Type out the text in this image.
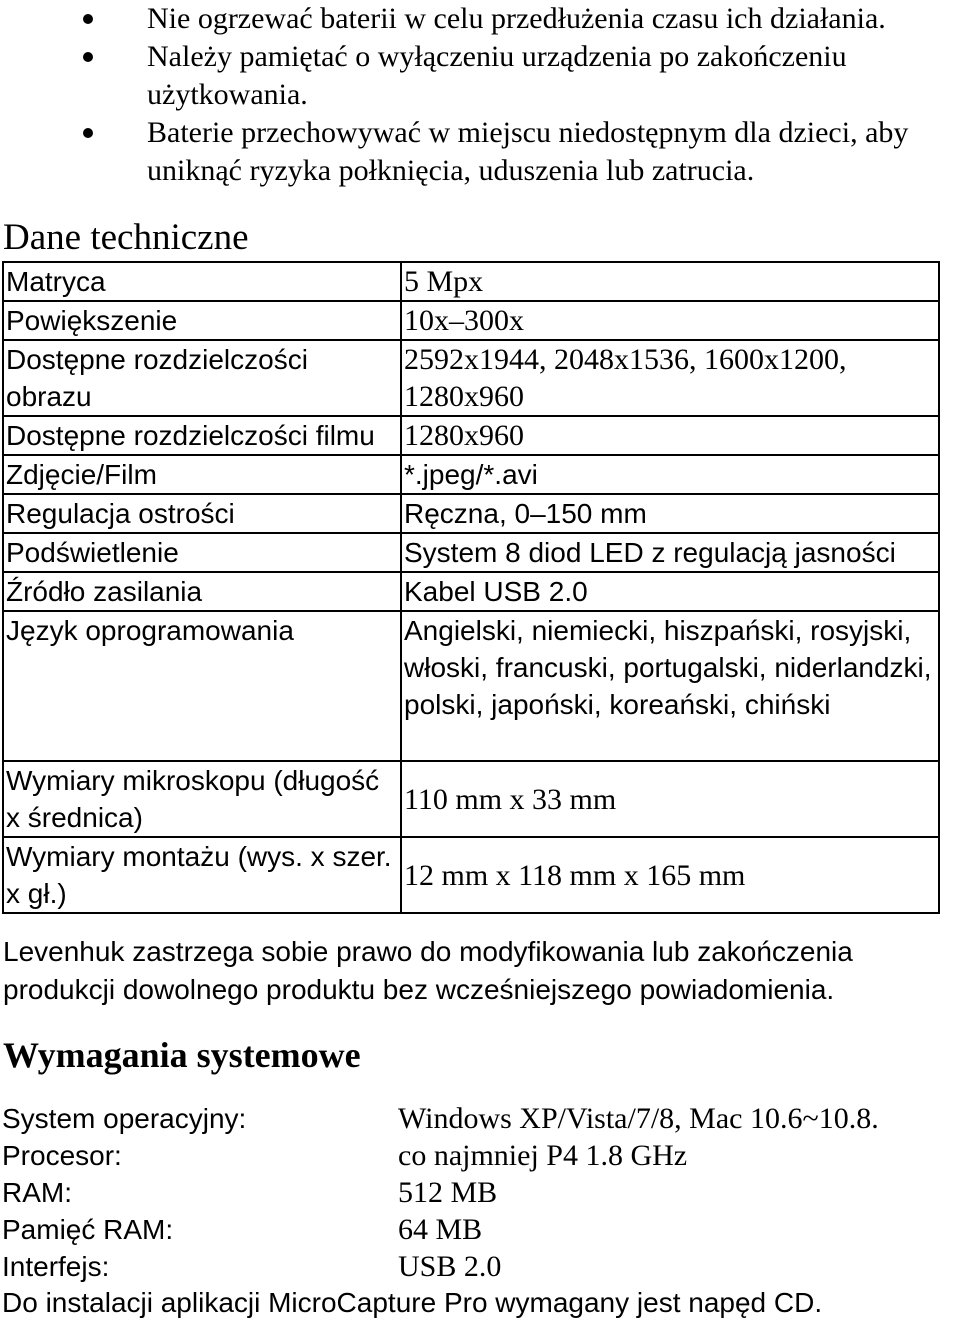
Nie ogrzewać baterii w celu przedłużenia czasu ich działania.
Należy pamiętać o wyłączeniu urządzenia po zakończeniu użytkowania.
Baterie przechowywać w miejscu niedostępnym dla dzieci, aby uniknąć ryzyka połknięcia, uduszenia lub zatrucia.
Dane techniczne
Matryca	5 Mpx
Powiększenie	10x–300x
Dostępne rozdzielczości obrazu	2592x1944, 2048x1536, 1600x1200, 1280x960
Dostępne rozdzielczości filmu	1280x960
Zdjęcie/Film	*.jpeg/*.avi
Regulacja ostrości	Ręczna, 0–150 mm
Podświetlenie	System 8 diod LED z regulacją jasności
Źródło zasilania	Kabel USB 2.0
Język oprogramowania	Angielski, niemiecki, hiszpański, rosyjski, włoski, francuski, portugalski, niderlandzki, polski, japoński, koreański, chiński
Wymiary mikroskopu (długość x średnica)	110 mm x 33 mm
Wymiary montażu (wys. x szer. x gł.)	12 mm x 118 mm x 165 mm

Levenhuk zastrzega sobie prawo do modyfikowania lub zakończenia produkcji dowolnego produktu bez wcześniejszego powiadomienia.

Wymagania systemowe
System operacyjny:	Windows XP/Vista/7/8, Mac 10.6~10.8.
Procesor:	co najmniej P4 1.8 GHz
RAM:	512 MB
Pamięć RAM:	64 MB
Interfejs:	USB 2.0

Do instalacji aplikacji MicroCapture Pro wymagany jest napęd CD.
